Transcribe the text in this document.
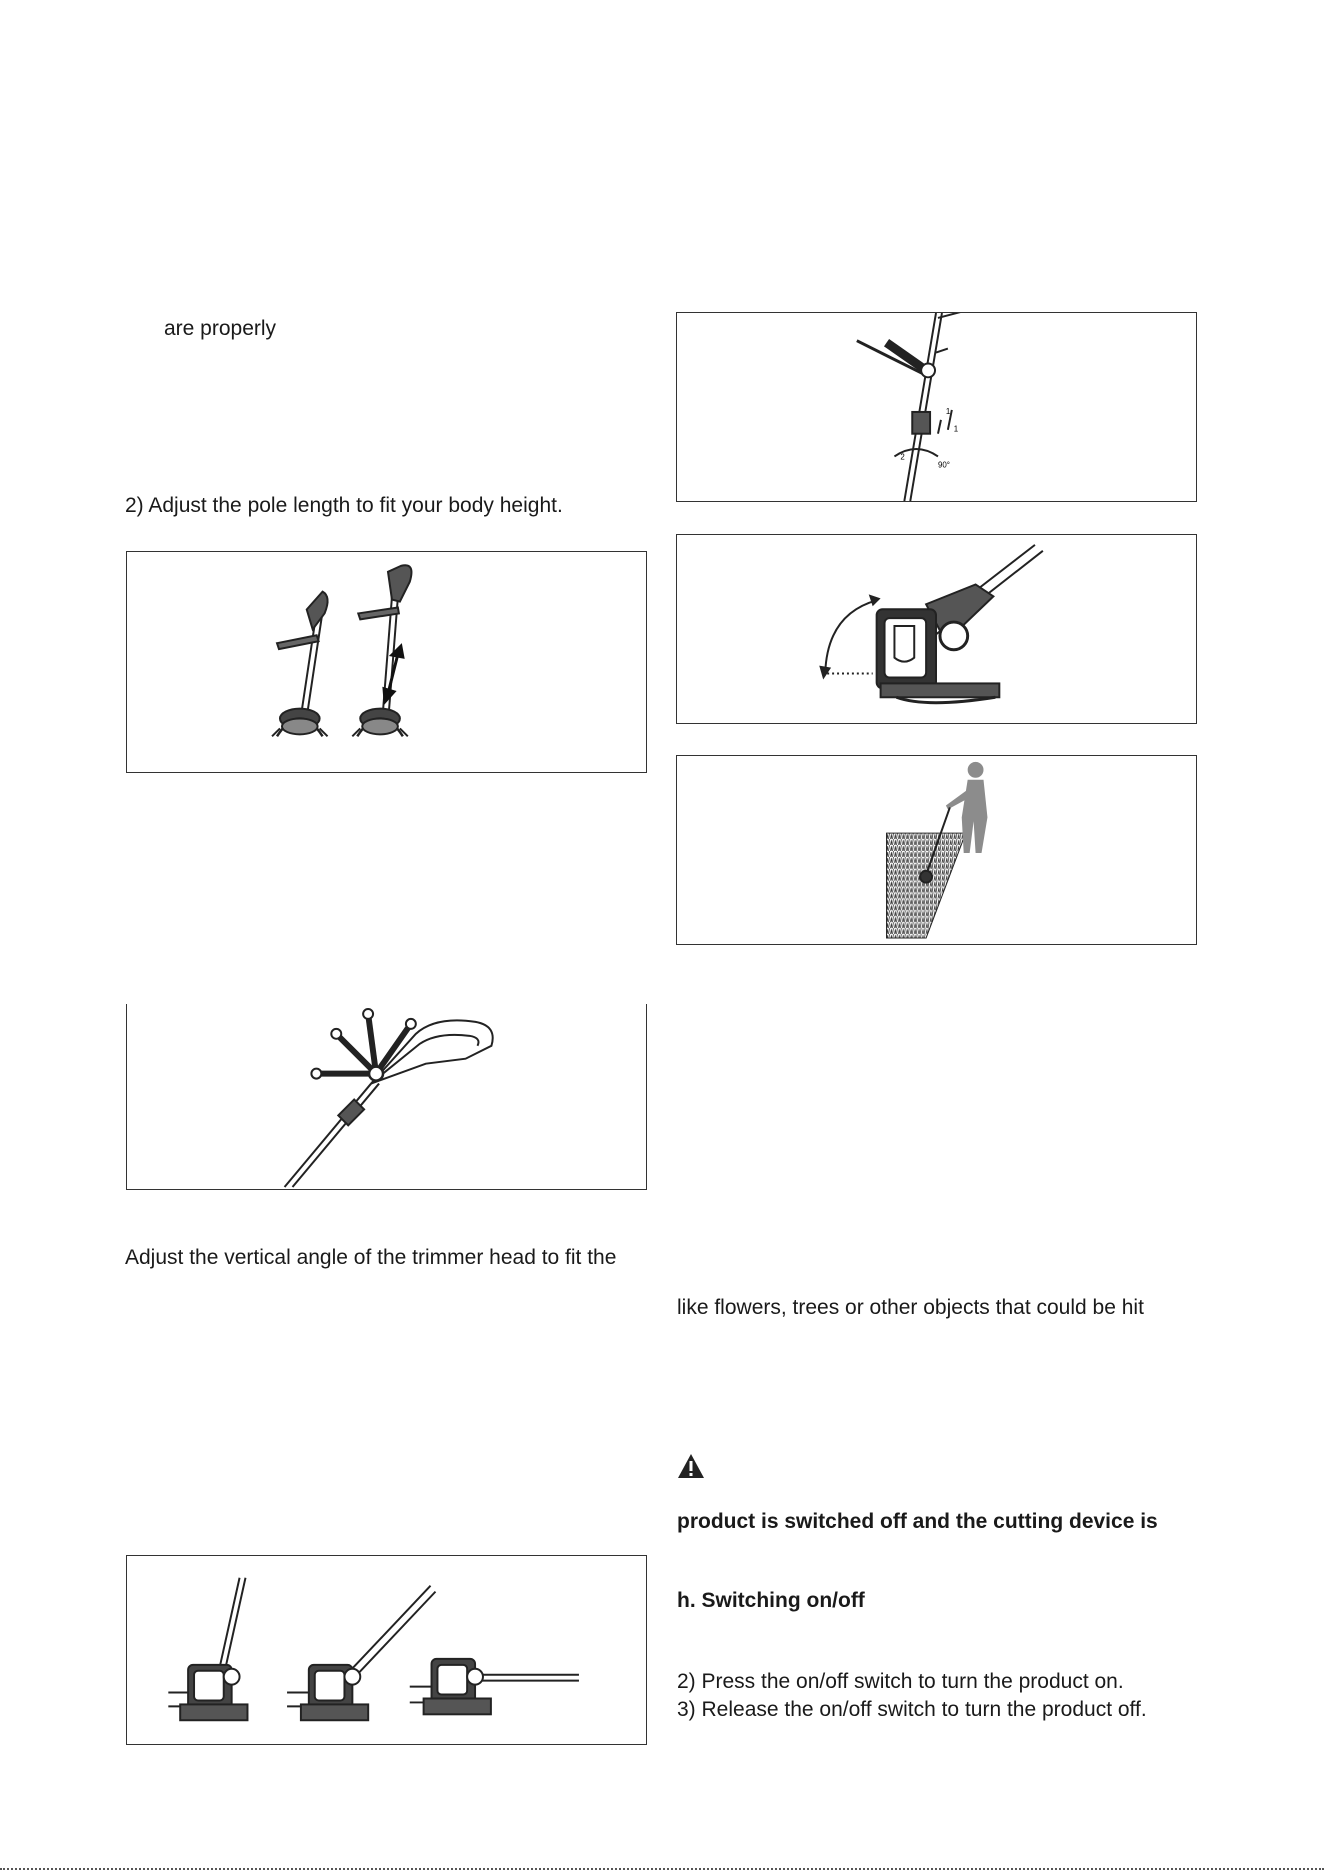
are properly
2) Adjust the pole length to fit your body height.
Adjust the vertical angle of the trimmer head to fit the
1
1
2
90°
like flowers, trees or other objects that could be hit
product is switched off and the cutting device is
h. Switching on/off
2) Press the on/off switch to turn the product on.
3) Release the on/off switch to turn the product off.
